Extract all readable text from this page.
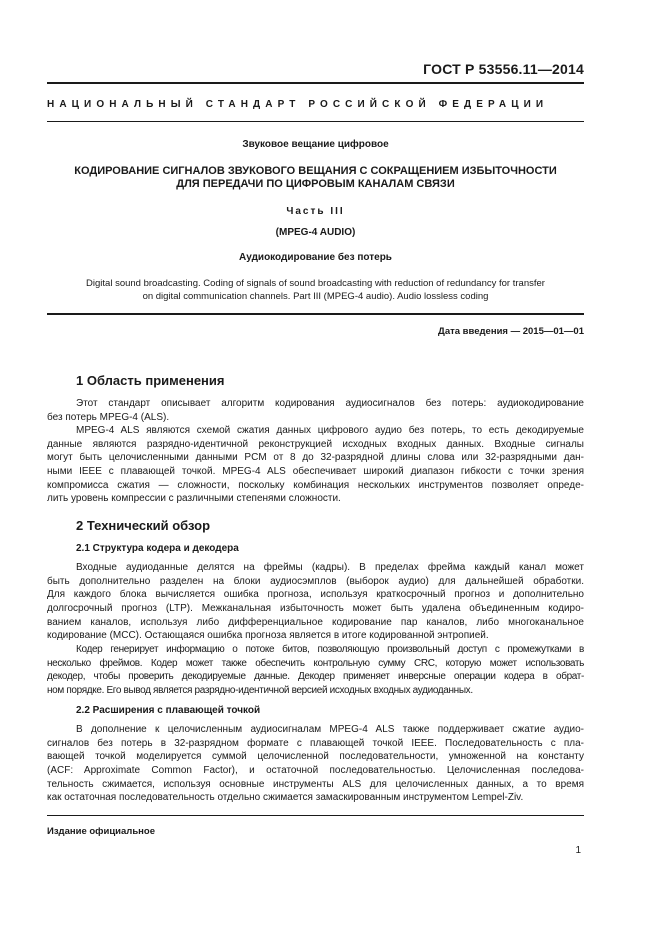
ГОСТ Р 53556.11—2014
НАЦИОНАЛЬНЫЙ СТАНДАРТ РОССИЙСКОЙ ФЕДЕРАЦИИ
Звуковое вещание цифровое
КОДИРОВАНИЕ СИГНАЛОВ ЗВУКОВОГО ВЕЩАНИЯ С СОКРАЩЕНИЕМ ИЗБЫТОЧНОСТИ
ДЛЯ ПЕРЕДАЧИ ПО ЦИФРОВЫМ КАНАЛАМ СВЯЗИ
Часть III
(MPEG-4 AUDIO)
Аудиокодирование без потерь
Digital sound broadcasting. Coding of signals of sound broadcasting with reduction of redundancy for transfer
on digital communication channels. Part III (MPEG-4 audio). Audio lossless coding
Дата введения — 2015—01—01
1 Область применения
Этот стандарт описывает алгоритм кодирования аудиосигналов без потерь: аудиокодирование
без потерь MPEG-4 (ALS).
MPEG-4 ALS являются схемой сжатия данных цифрового аудио без потерь, то есть декодируемые
данные являются разрядно-идентичной реконструкцией исходных входных данных. Входные сигналы
могут быть целочисленными данными PCM от 8 до 32-разрядной длины слова или 32-разрядными дан-
ными IEEE с плавающей точкой. MPEG-4 ALS обеспечивает широкий диапазон гибкости с точки зрения
компромисса сжатия — сложности, поскольку комбинация нескольких инструментов позволяет опреде-
лить уровень компрессии с различными степенями сложности.
2 Технический обзор
2.1 Структура кодера и декодера
Входные аудиоданные делятся на фреймы (кадры). В пределах фрейма каждый канал может
быть дополнительно разделен на блоки аудиосэмплов (выборок аудио) для дальнейшей обработки.
Для каждого блока вычисляется ошибка прогноза, используя краткосрочный прогноз и дополнительно
долгосрочный прогноз (LTP). Межканальная избыточность может быть удалена объединенным кодиро-
ванием каналов, используя либо дифференциальное кодирование пар каналов, либо многоканальное
кодирование (MCC). Остающаяся ошибка прогноза является в итоге кодированной энтропией.
Кодер генерирует информацию о потоке битов, позволяющую произвольный доступ с промежутками в
несколько фреймов. Кодер может также обеспечить контрольную сумму CRC, которую может использовать
декодер, чтобы проверить декодируемые данные. Декодер применяет инверсные операции кодера в обрат-
ном порядке. Его вывод является разрядно-идентичной версией исходных входных аудиоданных.
2.2 Расширения с плавающей точкой
В дополнение к целочисленным аудиосигналам MPEG-4 ALS также поддерживает сжатие аудио-
сигналов без потерь в 32-разрядном формате с плавающей точкой IEEE. Последовательность с пла-
вающей точкой моделируется суммой целочисленной последовательности, умноженной на константу
(ACF: Approximate Common Factor), и остаточной последовательностью. Целочисленная последова-
тельность сжимается, используя основные инструменты ALS для целочисленных данных, а то время
как остаточная последовательность отдельно сжимается замаскированным инструментом Lempel-Ziv.
Издание официальное
1
